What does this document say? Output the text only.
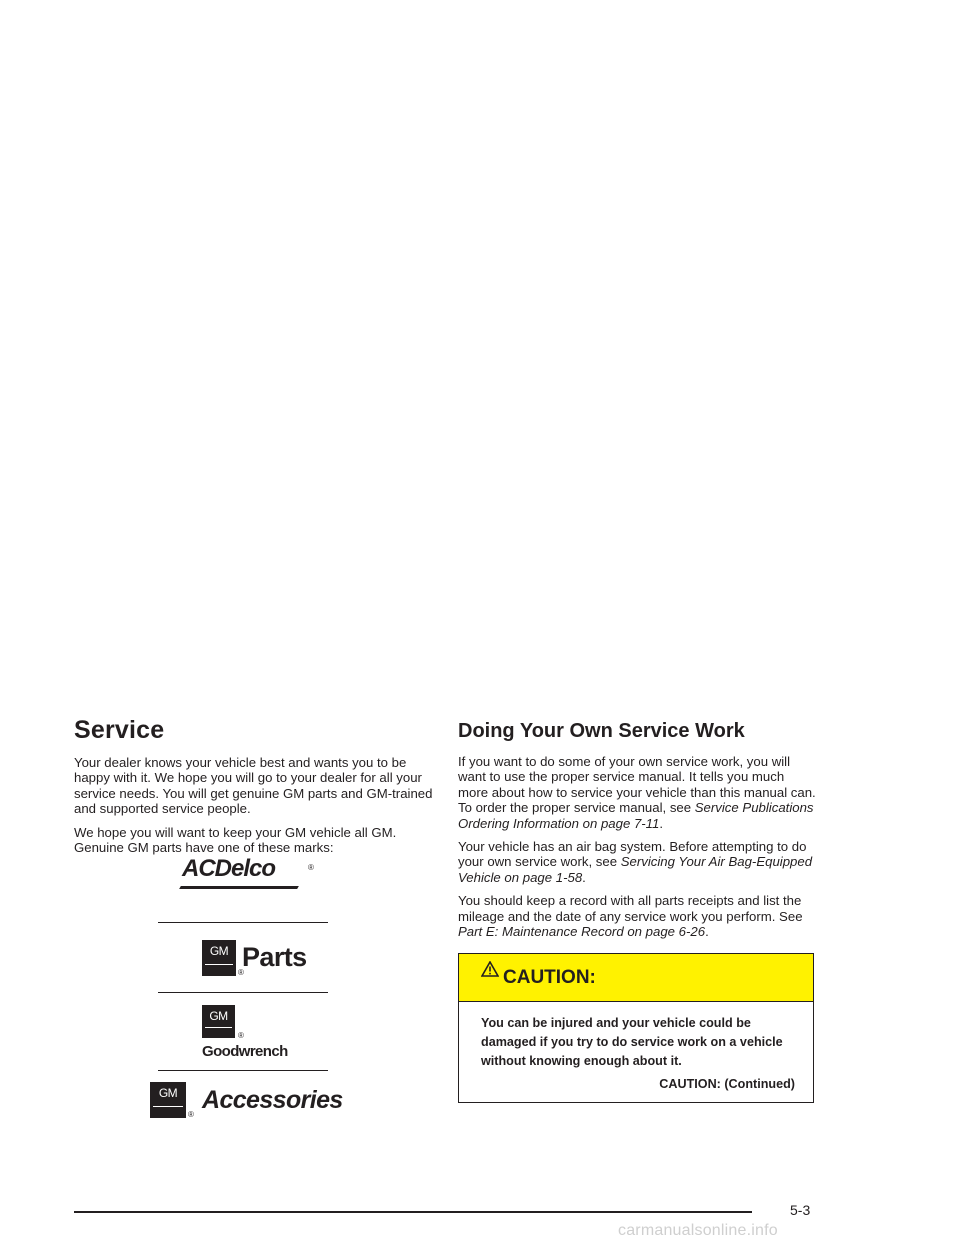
Service

Your dealer knows your vehicle best and wants you to be happy with it. We hope you will go to your dealer for all your service needs. You will get genuine GM parts and GM-trained and supported service people.

We hope you will want to keep your GM vehicle all GM. Genuine GM parts have one of these marks:

ACDelco	®
GM
®
Parts
GM
®
Goodwrench
GM
®
Accessories
Doing Your Own Service Work

If you want to do some of your own service work, you will want to use the proper service manual. It tells you much more about how to service your vehicle than this manual can. To order the proper service manual, see Service Publications Ordering Information on page 7-11.

Your vehicle has an air bag system. Before attempting to do your own service work, see Servicing Your Air Bag-Equipped Vehicle on page 1-58.

You should keep a record with all parts receipts and list the mileage and the date of any service work you perform. See Part E: Maintenance Record on page 6-26.

CAUTION:
You can be injured and your vehicle could be damaged if you try to do service work on a vehicle without knowing enough about it.
CAUTION: (Continued)
5-3
carmanualsonline.info
